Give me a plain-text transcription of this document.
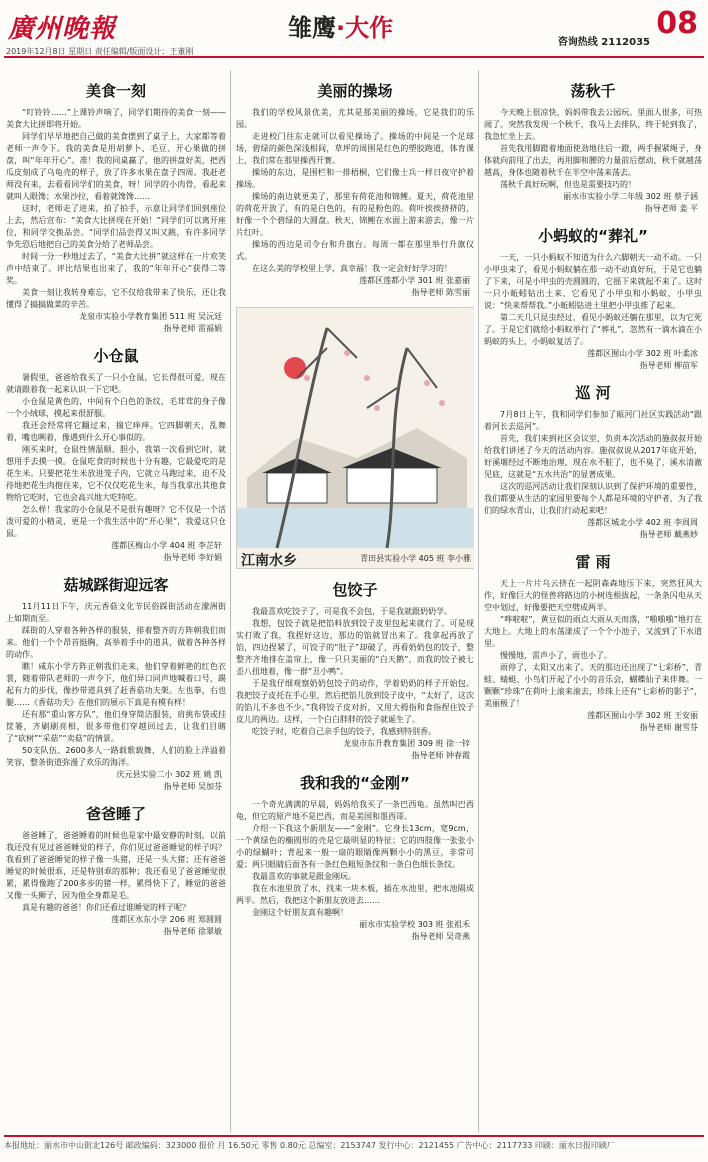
廣州晚報	雏鹰·大作	08
咨询热线 2112035
2019年12月8日 星期日 责任编辑/版面设计：王董刚
美食一刻

“叮铃铃……”上课铃声响了，同学们期待的美食一刻——美食大比拼即将开始。

同学们早早地把自己做的美食摆到了桌子上，大家都等着老师一声令下。我的美食是用胡萝卜、毛豆、开心果做的拼盘，叫“年年开心”。准！我的同桌赢了，他的拼盘好美，把西瓜皮刻成了乌龟壳的样子，放了许多水果在盘子四周。我赶老师没有来，去看看同学们的美食，呀！同学的小肉骨，看起来就叫人眼馋；水果沙拉，看着就馋馋……

这时，老师走了进来，拍了拍手，示意让同学们回到座位上去，然后宣布：“美食大比拼现在开始！”同学们可以离开座位，和同学交换品尝。“同学们品尝得又叫又跳，有许多同学争先恐后地把自己的美食分给了老师品尝。

时间一分一秒地过去了，“美食大比拼”就这样在一片欢笑声中结束了。评比结果也出来了，我的“年年开心”获得二等奖。

美食一刻让我转身难忘，它不仅给我带来了快乐，还让我懂得了搞搞做菜的辛苦。

龙泉市实验小学教育集团 511 班 吴沅廷
指导老师 雷福娟
小仓鼠

暑假里，爸爸给我买了一只小仓鼠，它长得很可爱，现在就请跟着我一起来认识一下它吧。

小仓鼠是黄色的，中间有个白色的条纹，毛茸茸的身子像一个小绒球，摸起来很舒服。

我还会经常将它翻过来，揣它痒痒。它四脚朝天，乱舞着，嘴也咧着，像遇到什么开心事似的。

刚买来时，仓鼠性情温顺、胆小，我第一次看到它时，就想用手去摸一摸。仓鼠吃食的时候也十分有趣，它最爱吃的是花生米。只要把花生米放进笼子内，它就立马跑过来，迫不及待地把花生肉抱住来，它不仅仅吃花生米，每当我拿出其他食物给它吃时，它也会高兴地大吃特吃。

怎么样！我家的小仓鼠是不是很有趣呀？它不仅是一个活泼可爱的小精灵，更是一个我生活中的“开心果”，我爱这只仓鼠。

莲都区梅山小学 404 班 李芷轩
指导老师 李好娟
菇城踩街迎远客

11月11日下午，庆元香菇文化节民俗踩街活动在濛洲街上如期而至。

踩街的人穿着各种各样的服装，排着整齐的方阵朝我们而来。他们一个个昂首挺胸，高举着手中的道具，做着各种各样的动作。

瞧！咸东小学方阵正朝我们走来，他们穿着鲜艳的红色衣裳，随着带队老师的一声令下，他们异口同声地喊着口号，踢起有力的步伐，像抄带道具到了赶香菇功夫架。左也拳，右也腿……《香菇功夫》在他们的展示下真是有模有样！

还有那“重山客方队”，他们身穿简洁服装，肩挑布袋或挂筐篓，齐刷刷亮相，很多带他们穿越回过去，让我们目睹了“砍树”“采菇”“卖菇”的情景。

50支队伍、2600多人一路载歌载舞，人们的脸上洋溢着笑容，整条街道弥漫了欢乐的海洋。

庆元县实验二小 302 班 姚 凯
指导老师 吴加芬
爸爸睡了

爸爸睡了，爸爸睡着的时候也是家中最安静的时刻。以前我还没有见过爸爸睡觉的样子，你们见过爸爸睡觉的样子吗？我看到了爸爸睡觉的样子像一头猪，还是一头大猪；还有爸爸睡觉的时候很乖，还是特别乖的那种；我还看见了爸爸睡觉很累，累得像跑了200多步的猪一样，累得快下了，睡觉的爸爸又像一头狮子，因为他全身都是毛。

真是有趣的爸爸！你们还看过谁睡觉的样子呢？

莲都区水东小学 206 班 郑圆圆
指导老师 徐翠敏
美丽的操场

我们的学校风景优美，尤其是那美丽的操场，它是我们的乐园。

走进校门往东走就可以看见操场了。操场的中间是一个足球场，碧绿的颜色深浅相间，草坪的周围是红色的塑胶跑道，体育课上，我们常在那里操西开赛。

操场的东边，是围栏和一排梧桐，它们像士兵一样日夜守护着操场。

操场的南边就更美了，那里有荷花池和锦鲤。夏天，荷花池里的荷花开放了，有的是白色的，有的是粉色的。荷叶挨挨挤挤的，好像一个个碧绿的大圆盘。秋天，锦鲤在水面上游来游去，像一片片红叶。

操场的西边是司令台和升旗台。每周一都在那里举行升旗仪式。

在这么美的学校里上学，真幸福！我一定会好好学习的！

莲都区莲都小学 301 班 张嘉丽
指导老师 陈雪丽
江南水乡	青田县实验小学 405 班 李小雅
包饺子

我最喜欢吃饺子了，可是我不会包，于是我就跟奶奶学。

我想，包饺子就是把馅料放到饺子皮里包起来就行了。可是现实打败了我，我捏好这边，那边的馅就冒出来了。我拿起再放了馅，四边捏紧了，可饺子的“肚子”却破了，再看奶奶包的饺子，整整齐齐地排在盖帘上，像一只只美丽的“白天鹅”，而我的饺子被七歪八扭地着，像一群“丑小鸭”。

于是我仔细观察奶奶包饺子的动作，学着奶奶的样子开始包。我把饺子皮托在手心里，然后把馅儿放到饺子皮中，“太好了，这次的馅儿不多也不少。”我将饺子皮对折，又用大拇指和食指捏住饺子皮儿的两边。这样，一个白白胖胖的饺子就诞生了。

吃饺子时，吃着自己亲手包的饺子，我感到特别香。

龙泉市东升教育集团 309 班 徐一锌
指导老师 钟春霞
我和我的“金刚”

一个奇光满满的早晨，妈妈给我买了一条巴西龟。虽然叫巴西龟，但它的原产地不是巴西，而是美国和墨西哥。

介绍一下我这个新朋友——“金刚”。它身长13cm，宽9cm，一个黄绿色的椭圆形的壳是它最明显的特征；它的四肢像一张张小小的绿蝴叶；背起来一般一扇的眼睛像两颗小小的黑豆，非常可爱；两只眼睛后面各有一条红色粗短条纹和一条白色细长条纹。

我最喜欢的事就是跟金刚玩。

我在水池里放了水，找来一块木板，插在水池里，把水池隔成两半。然后，我把这个新朋友放进去……

金刚这个好朋友真有趣啊！

丽水市实验学校 303 班 张祖禾
指导老师 吴奇燕
荡秋千

今天晚上很凉快，妈妈带我去公园玩。里面人很多，可热闹了。突然我发现一个秋千，我马上去排队，终于轮到我了，我急忙坐上去。

首先我用脚蹬着地面使劲地往后一蹬，两手握紧绳子，身体就向前甩了出去，再用脚和腰的力量前后摆动，秋千就越荡越高，身体也随着秋千在半空中荡来荡去。

荡秋千真好玩啊，但也是需要技巧的！

丽水市实验小学二年级 302 班 蔡子涵
指导老师 姜 平
小蚂蚁的“葬礼”

一天，一只小蚂蚁不知道为什么六脚朝天一动不动。一只小甲虫来了，看见小蚂蚁躺在那一动不动真好玩，于是它也躺了下来，可是小甲虫的壳圆圆的，它摇下来就起不来了。这时一只小蚯蚓钻出土来，它看见了小甲虫和小蚂蚁，小甲虫说：“快来帮帮我。”小蚯蚓钻进土里把小甲虫推了起来。

第二天几只昆虫经过，看见小蚂蚁还躺在那里，以为它死了。于是它们就给小蚂蚁举行了“葬礼”，忽然有一滴水滴在小蚂蚁的头上，小蚂蚁复活了。

莲都区囿山小学 302 班 叶柔冰
指导老师 柳苗军
巡 河

7月8日上午，我和同学们参加了瓯河门社区实践活动“跟着河长去巡河”。

首先，我们来到社区会议室，负责本次活动的施叔叔开始给我们讲述了今天的活动内容。施叔叔说从2017年底开始，好溪堰经过不断地治理，现在水不脏了，也不臭了，溪水清澈见底，这就是“五水共治”的显著成果。

这次的巡河活动让我们深刻认识到了保护环境的重要性，我们都要从生活的家园里要每个人都是环境的守护者，为了我们的绿水青山，让我们行动起来吧！

莲都区城北小学 402 班 李周周
指导老师 戴燕妙
雷 雨

天上一片片乌云挤在一起阴森森地压下来，突然狂风大作，好像巨大的怪兽将路边的小树连根拔起，一条条闪电从天空中划过，好像要把天空劈成两半。

“哗啦啦”，黄豆似的雨点大雨从天而落，“啪啪啪”地打在大地上。大地上的水荡漾成了一个个小池子，又流到了下水道里。

慢慢地，雷声小了，雨也小了。

雨停了，太阳又出来了。天的那边还出现了“七彩桥”，青蛙、蜻蜓、小鸟们开起了小小的音乐会，蝴蝶仙子来伴舞。一颗颗“珍珠”在荷叶上滚来滚去，珍珠上还有“七彩桥的影子”，美丽极了！

莲都区囿山小学 302 班 王安丽
指导老师 谢雪芬
本报地址：丽水市中山街北126号 邮政编码：323000 报价 月 16.50元 零售 0.80元 总编室：2153747 发行中心：2121455 广告中心：2117733 印刷：丽水日报印刷厂
